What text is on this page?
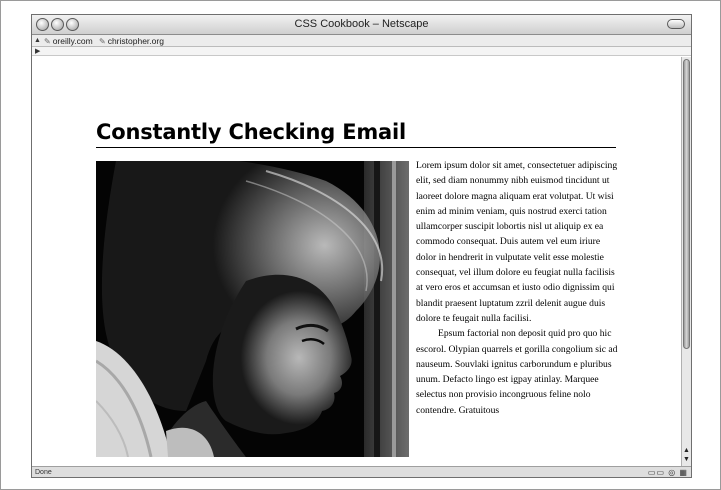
CSS Cookbook – Netscape
▲ ✎ oreilly.com ✎ christopher.org
▶
Constantly Checking Email

Lorem ipsum dolor sit amet, consectetuer adipiscing elit, sed diam nonummy nibh euismod tincidunt ut laoreet dolore magna aliquam erat volutpat. Ut wisi enim ad minim veniam, quis nostrud exerci tation ullamcorper suscipit lobortis nisl ut aliquip ex ea commodo consequat. Duis autem vel eum iriure dolor in hendrerit in vulputate velit esse molestie consequat, vel illum dolore eu feugiat nulla facilisis at vero eros et accumsan et iusto odio dignissim qui blandit praesent luptatum zzril delenit augue duis dolore te feugait nulla facilisi.

Epsum factorial non deposit quid pro quo hic escorol. Olypian quarrels et gorilla congolium sic ad nauseum. Souvlaki ignitus carborundum e pluribus unum. Defacto lingo est igpay atinlay. Marquee selectus non provisio incongruous feline nolo contendre. Gratuitous

▲
▼
Done	▭▭ ◎ ▦
